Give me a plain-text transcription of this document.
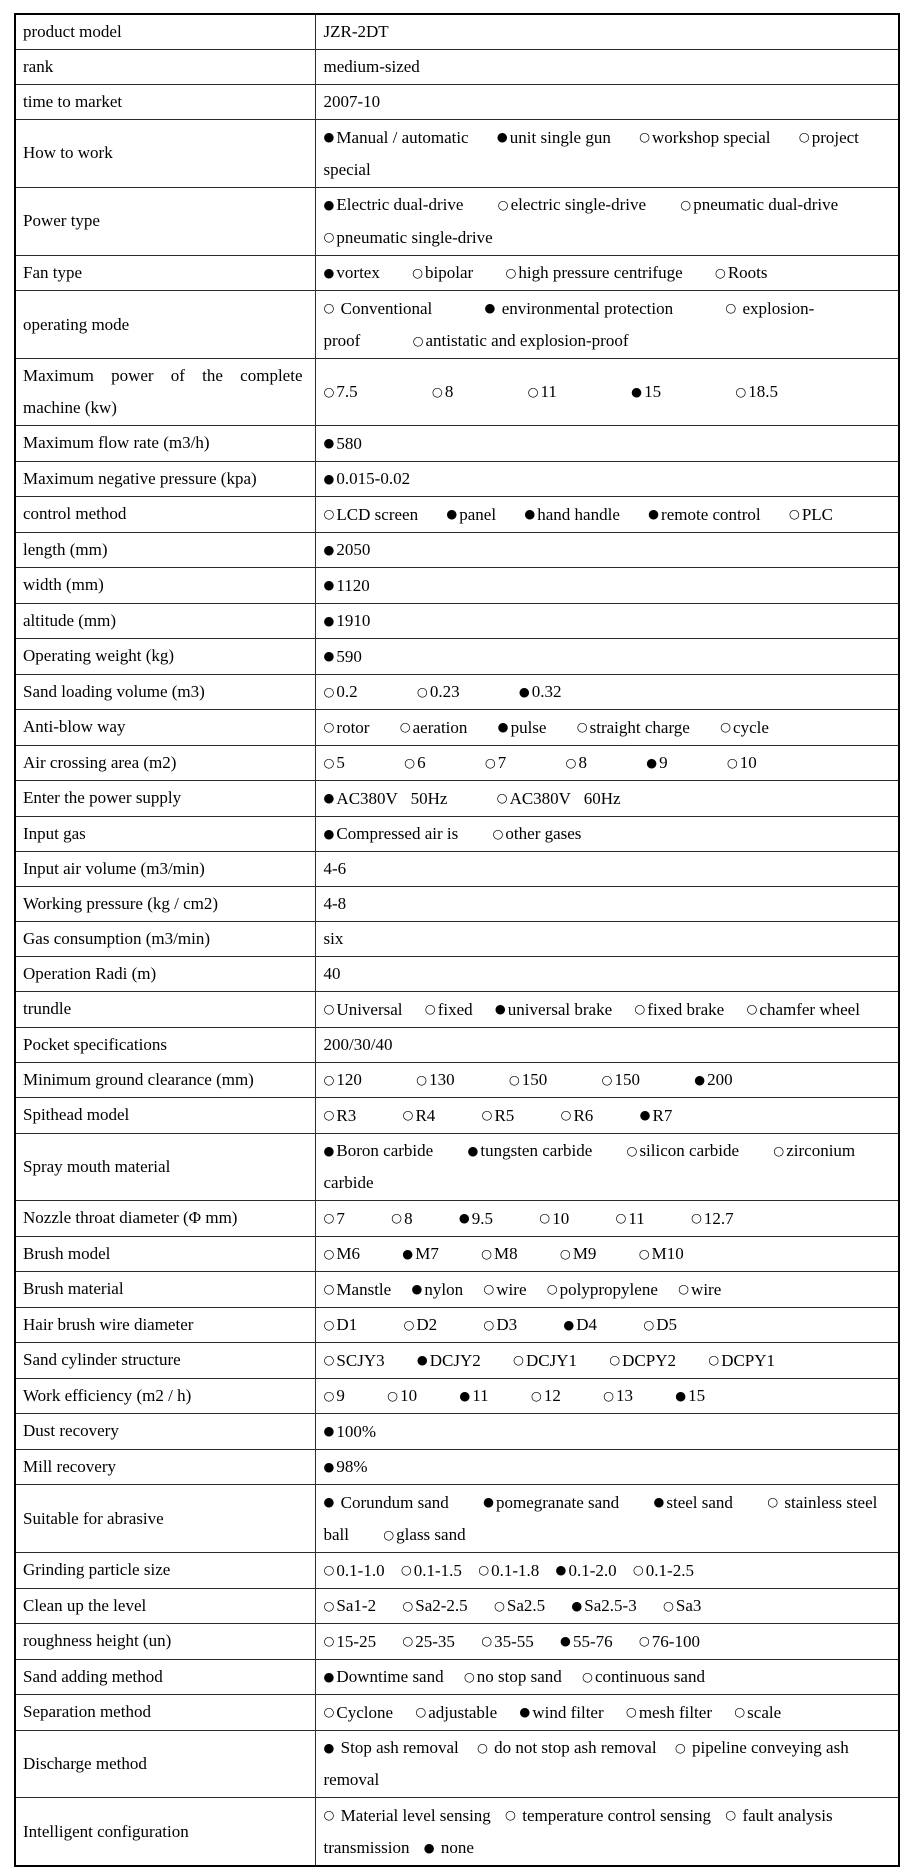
product model	JZR-2DT
rank	medium-sized
time to market	2007-10
How to work	● Manual / automatic ● unit single gun ○ workshop special ○ project special
Power type	● Electric dual-drive ○ electric single-drive ○ pneumatic dual-drive ○ pneumatic single-drive
Fan type	● vortex ○ bipolar ○ high pressure centrifuge ○ Roots
operating mode	○ Conventional ● environmental protection ○ explosion-proof ○ antistatic and explosion-proof
Maximum power of the complete machine (kw)	○ 7.5 ○ 8 ○ 11 ● 15 ○ 18.5
Maximum flow rate (m3/h)	● 580
Maximum negative pressure (kpa)	● 0.015-0.02
control method	○ LCD screen ● panel ● hand handle ● remote control ○ PLC
length (mm)	● 2050
width (mm)	● 1120
altitude (mm)	● 1910
Operating weight (kg)	● 590
Sand loading volume (m3)	○ 0.2 ○ 0.23 ● 0.32
Anti-blow way	○ rotor ○ aeration ● pulse ○ straight charge ○ cycle
Air crossing area (m2)	○ 5 ○ 6 ○ 7 ○ 8 ● 9 ○ 10
Enter the power supply	● AC380V   50Hz ○ AC380V   60Hz
Input gas	● Compressed air is ○ other gases
Input air volume (m3/min)	4-6
Working pressure (kg / cm2)	4-8
Gas consumption (m3/min)	six
Operation Radi (m)	40
trundle	○ Universal ○ fixed ● universal brake ○ fixed brake ○ chamfer wheel
Pocket specifications	200/30/40
Minimum ground clearance (mm)	○ 120 ○ 130 ○ 150 ○ 150 ● 200
Spithead model	○ R3 ○ R4 ○ R5 ○ R6 ● R7
Spray mouth material	● Boron carbide ● tungsten carbide ○ silicon carbide ○ zirconium carbide
Nozzle throat diameter (Φ mm)	○ 7 ○ 8 ● 9.5 ○ 10 ○ 11 ○ 12.7
Brush model	○ M6 ● M7 ○ M8 ○ M9 ○ M10
Brush material	○ Manstle ● nylon ○ wire ○ polypropylene ○ wire
Hair brush wire diameter	○ D1 ○ D2 ○ D3 ● D4 ○ D5
Sand cylinder structure	○ SCJY3 ● DCJY2 ○ DCJY1 ○ DCPY2 ○ DCPY1
Work efficiency (m2 / h)	○ 9 ○ 10 ● 11 ○ 12 ○ 13 ● 15
Dust recovery	● 100%
Mill recovery	● 98%
Suitable for abrasive	● Corundum sand ● pomegranate sand ● steel sand ○ stainless steel ball ○ glass sand
Grinding particle size	○ 0.1-1.0 ○ 0.1-1.5 ○ 0.1-1.8 ● 0.1-2.0 ○ 0.1-2.5
Clean up the level	○ Sa1-2 ○ Sa2-2.5 ○ Sa2.5 ● Sa2.5-3 ○ Sa3
roughness height (un)	○ 15-25 ○ 25-35 ○ 35-55 ● 55-76 ○ 76-100
Sand adding method	● Downtime sand ○ no stop sand ○ continuous sand
Separation method	○ Cyclone ○ adjustable ● wind filter ○ mesh filter ○ scale
Discharge method	● Stop ash removal ○ do not stop ash removal ○ pipeline conveying ash removal
Intelligent configuration	○ Material level sensing ○ temperature control sensing ○ fault analysis transmission ● none
